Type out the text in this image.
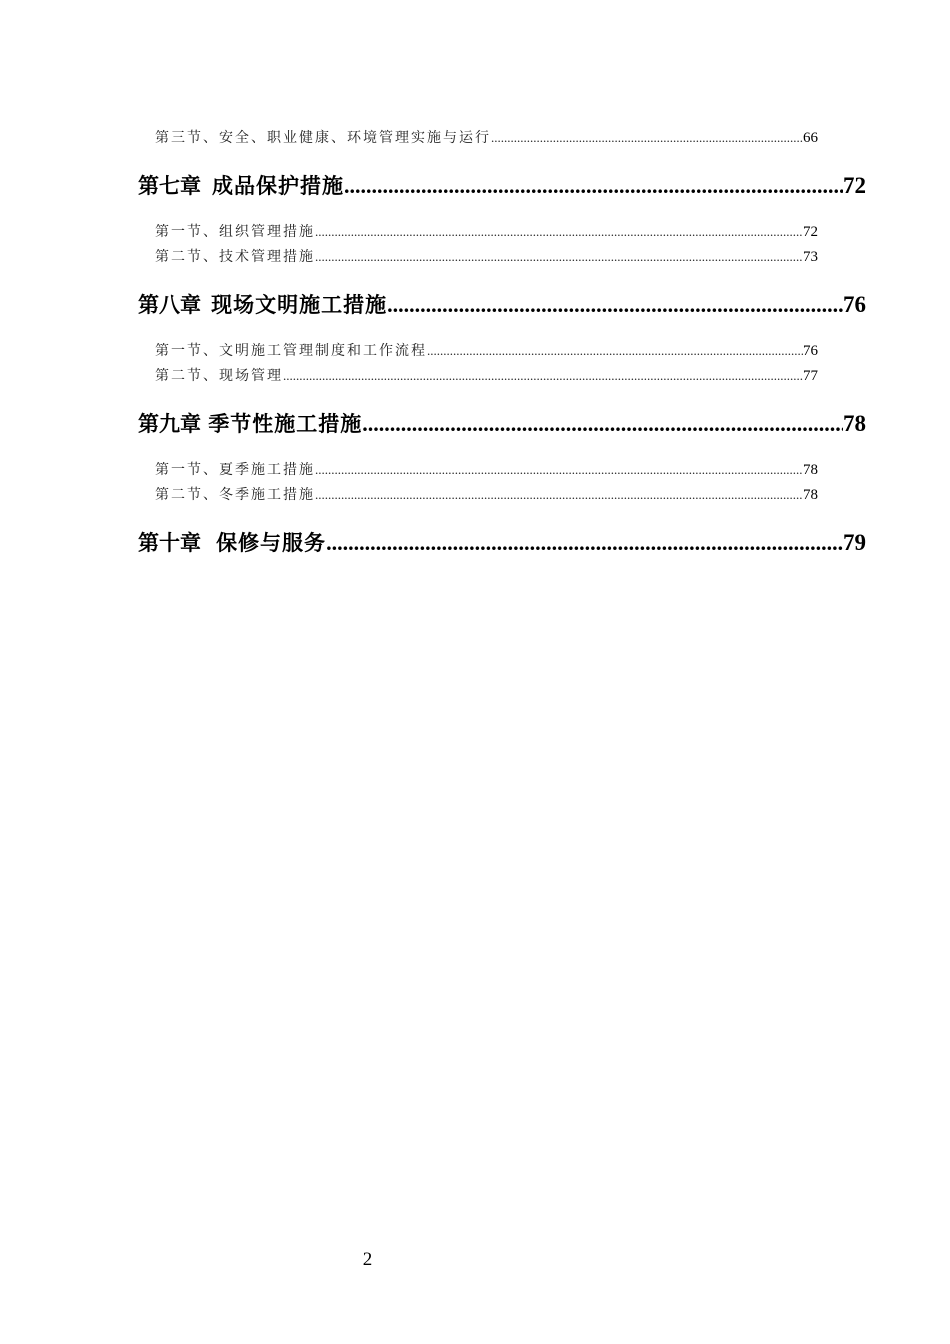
第三节、安全、职业健康、环境管理实施与运行 .....	66
第七章 成品保护措施 .....	72
第一节、组织管理措施 .....	72
第二节、技术管理措施 .....	73
第八章 现场文明施工措施 .....	76
第一节、文明施工管理制度和工作流程 .....	76
第二节、现场管理 .....	77
第九章 季节性施工措施 .....	78
第一节、夏季施工措施 .....	78
第二节、冬季施工措施 .....	78
第十章 保修与服务 .....	79
2
